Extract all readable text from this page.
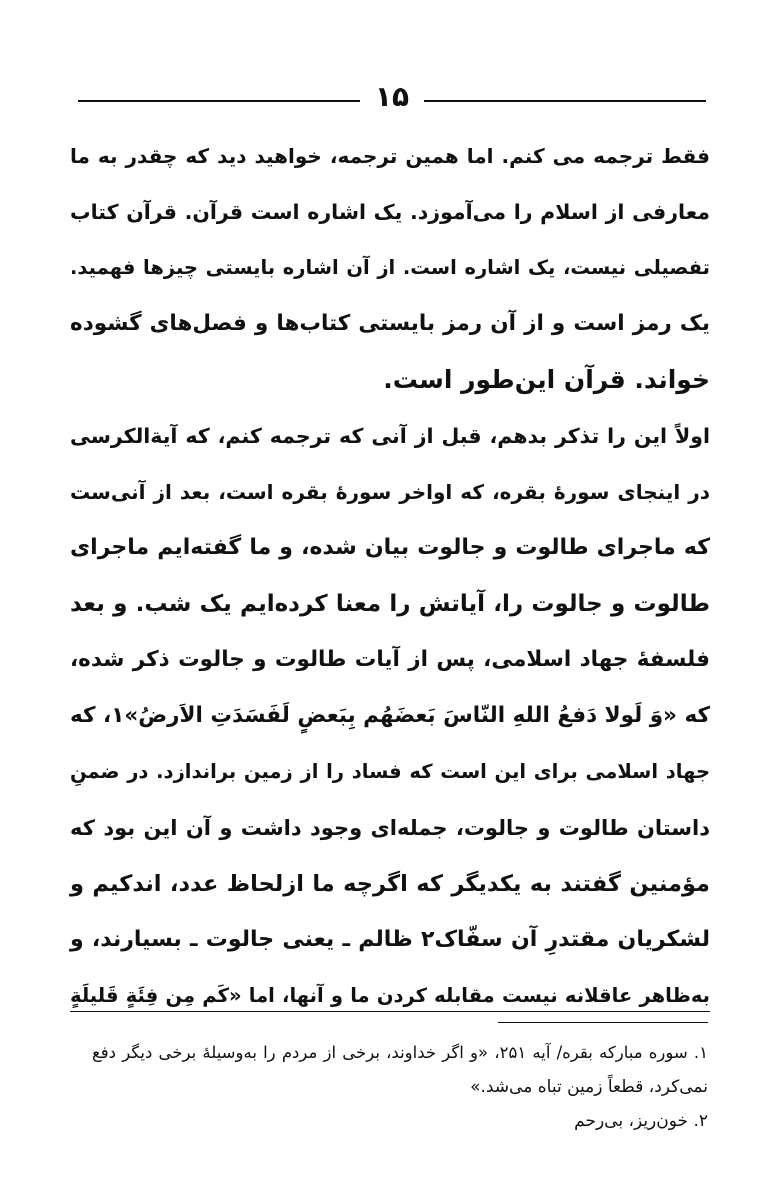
۱۵
فقط ترجمه می کنم. اما همین ترجمه، خواهید دید که چقدر به ما
معارفی از اسلام را می‌آموزد. یک اشاره است قرآن. قرآن کتاب
تفصیلی نیست، یک اشاره است. از آن اشاره بایستی چیزها فهمید.
یک رمز است و از آن رمز بایستی کتاب‌ها و فصل‌های گشوده
خواند. قرآن این‌طور است.
اولاً این را تذکر بدهم، قبل از آنی که ترجمه کنم، که آیةالکرسی
در اینجای سورهٔ بقره، که اواخر سورهٔ بقره است، بعد از آنی‌ست
که ماجرای طالوت و جالوت بیان شده، و ما گفته‌ایم ماجرای
طالوت و جالوت را، آیاتش را معنا کرده‌ایم یک شب. و بعد
فلسفهٔ جهاد اسلامی، پس از آیات طالوت و جالوت ذکر شده،
که «وَ لَولا دَفعُ اللهِ النّاسَ بَعضَهُم بِبَعضٍ لَفَسَدَتِ الاَرضُ»۱، که
جهاد اسلامی برای این است که فساد را از زمین براندازد. در ضمنِ
داستان طالوت و جالوت، جمله‌ای وجود داشت و آن این بود که
مؤمنین گفتند به یکدیگر که اگرچه ما ازلحاظ عدد، اندکیم و
لشکریان مقتدرِ آن سفّاک۲ ظالم ـ یعنی جالوت ـ بسیارند، و
به‌ظاهر عاقلانه نیست مقابله کردن ما و آنها، اما «کَم مِن فِئَةٍ قَلیلَةٍ
۱. سوره مبارکه بقره/ آیه ۲۵۱، «و اگر خداوند، برخی از مردم را به‌وسیلهٔ برخی دیگر دفع
نمی‌کرد، قطعاً زمین تباه می‌شد.»
۲. خون‌ریز، بی‌رحم
